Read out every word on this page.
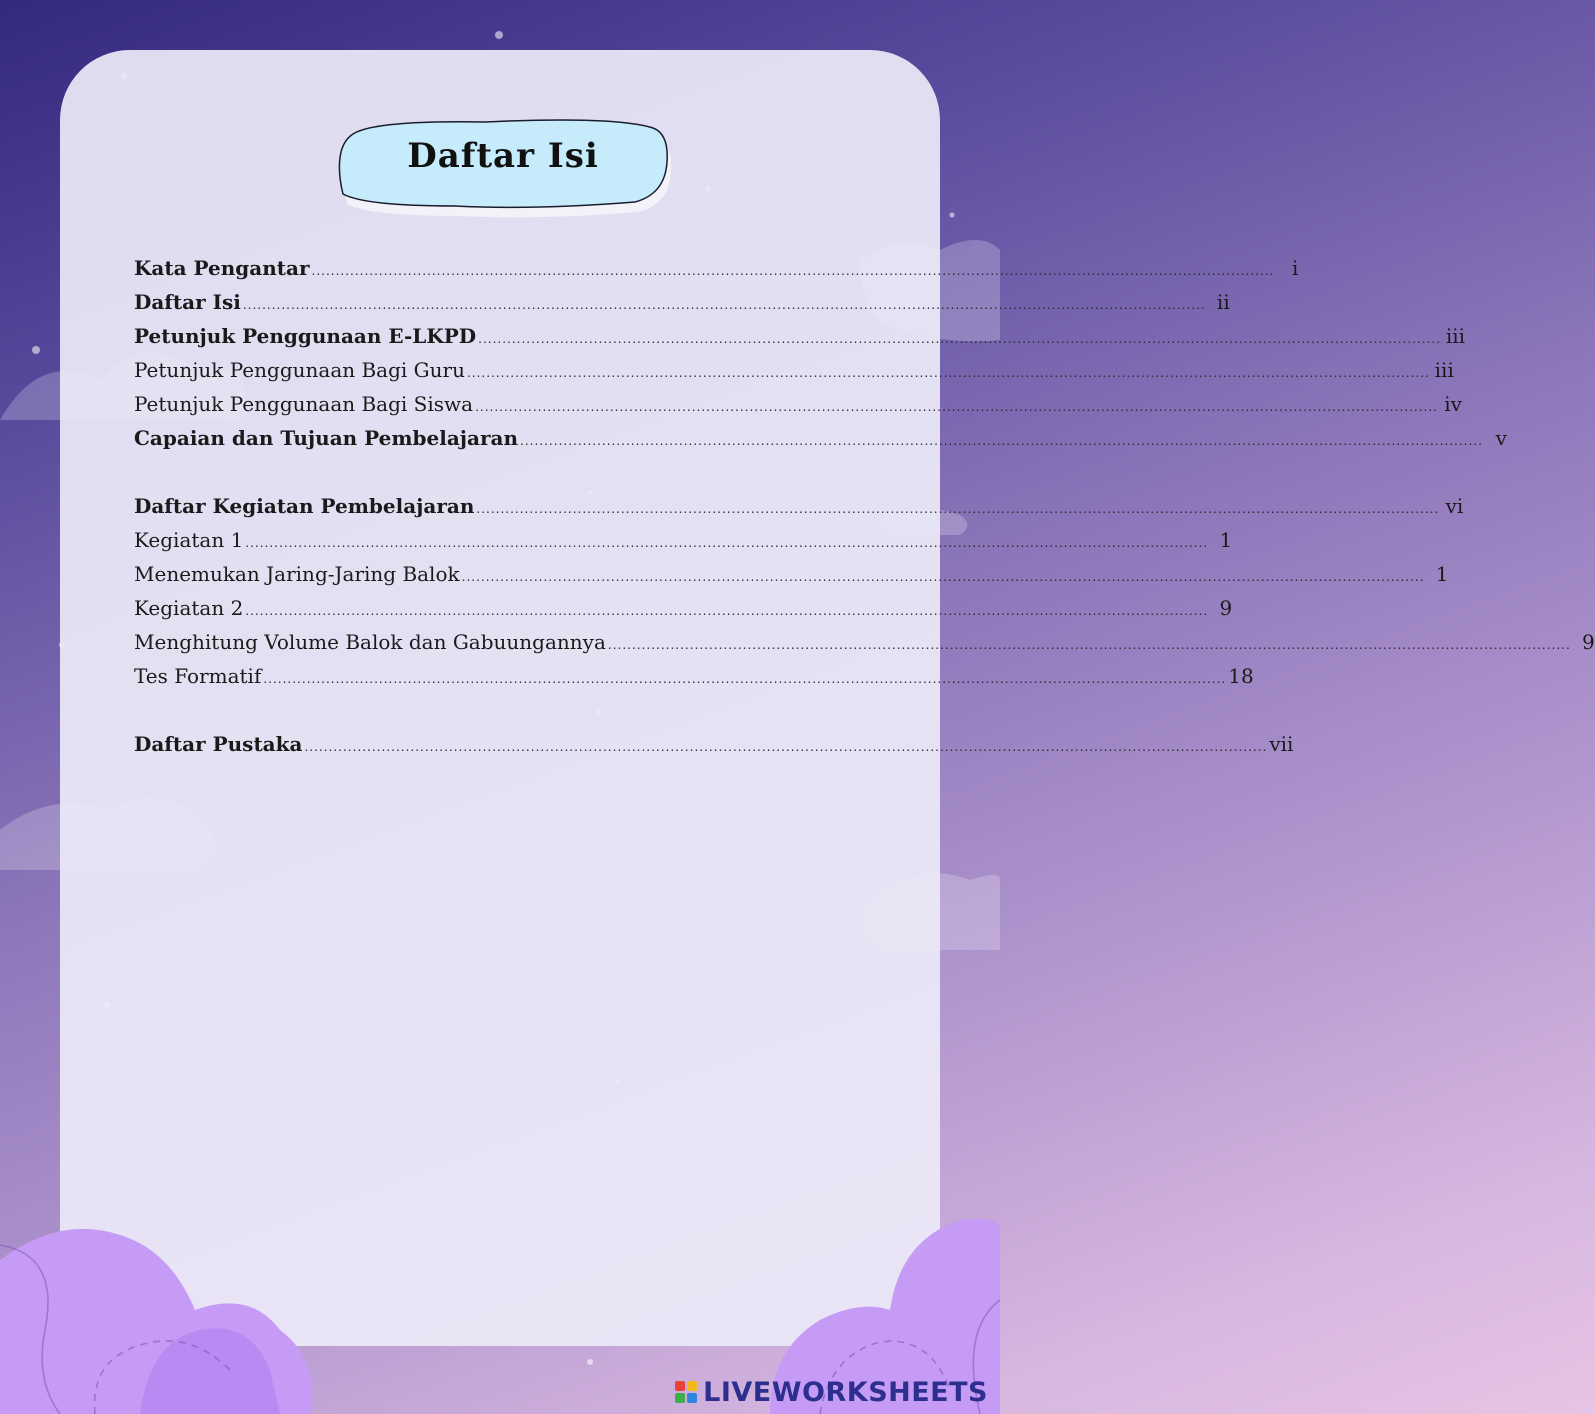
Daftar Isi
Kata Pengantar ........................................................................................................................................................................................................ i
Daftar Isi ........................................................................................................................................................................................................ ii
Petunjuk Penggunaan E-LKPD ........................................................................................................................................................................................................ iii
Petunjuk Penggunaan Bagi Guru ........................................................................................................................................................................................................ iii
Petunjuk Penggunaan Bagi Siswa ........................................................................................................................................................................................................ iv
Capaian dan Tujuan Pembelajaran ........................................................................................................................................................................................................ v
Daftar Kegiatan Pembelajaran ........................................................................................................................................................................................................ vi
Kegiatan 1 ........................................................................................................................................................................................................ 1
Menemukan Jaring-Jaring Balok ........................................................................................................................................................................................................ 1
Kegiatan 2 ........................................................................................................................................................................................................ 9
Menghitung Volume Balok dan Gabuungannya ........................................................................................................................................................................................................ 9
Tes Formatif ........................................................................................................................................................................................................ 18
Daftar Pustaka ........................................................................................................................................................................................................ vii
LIVEWORKSHEETS
